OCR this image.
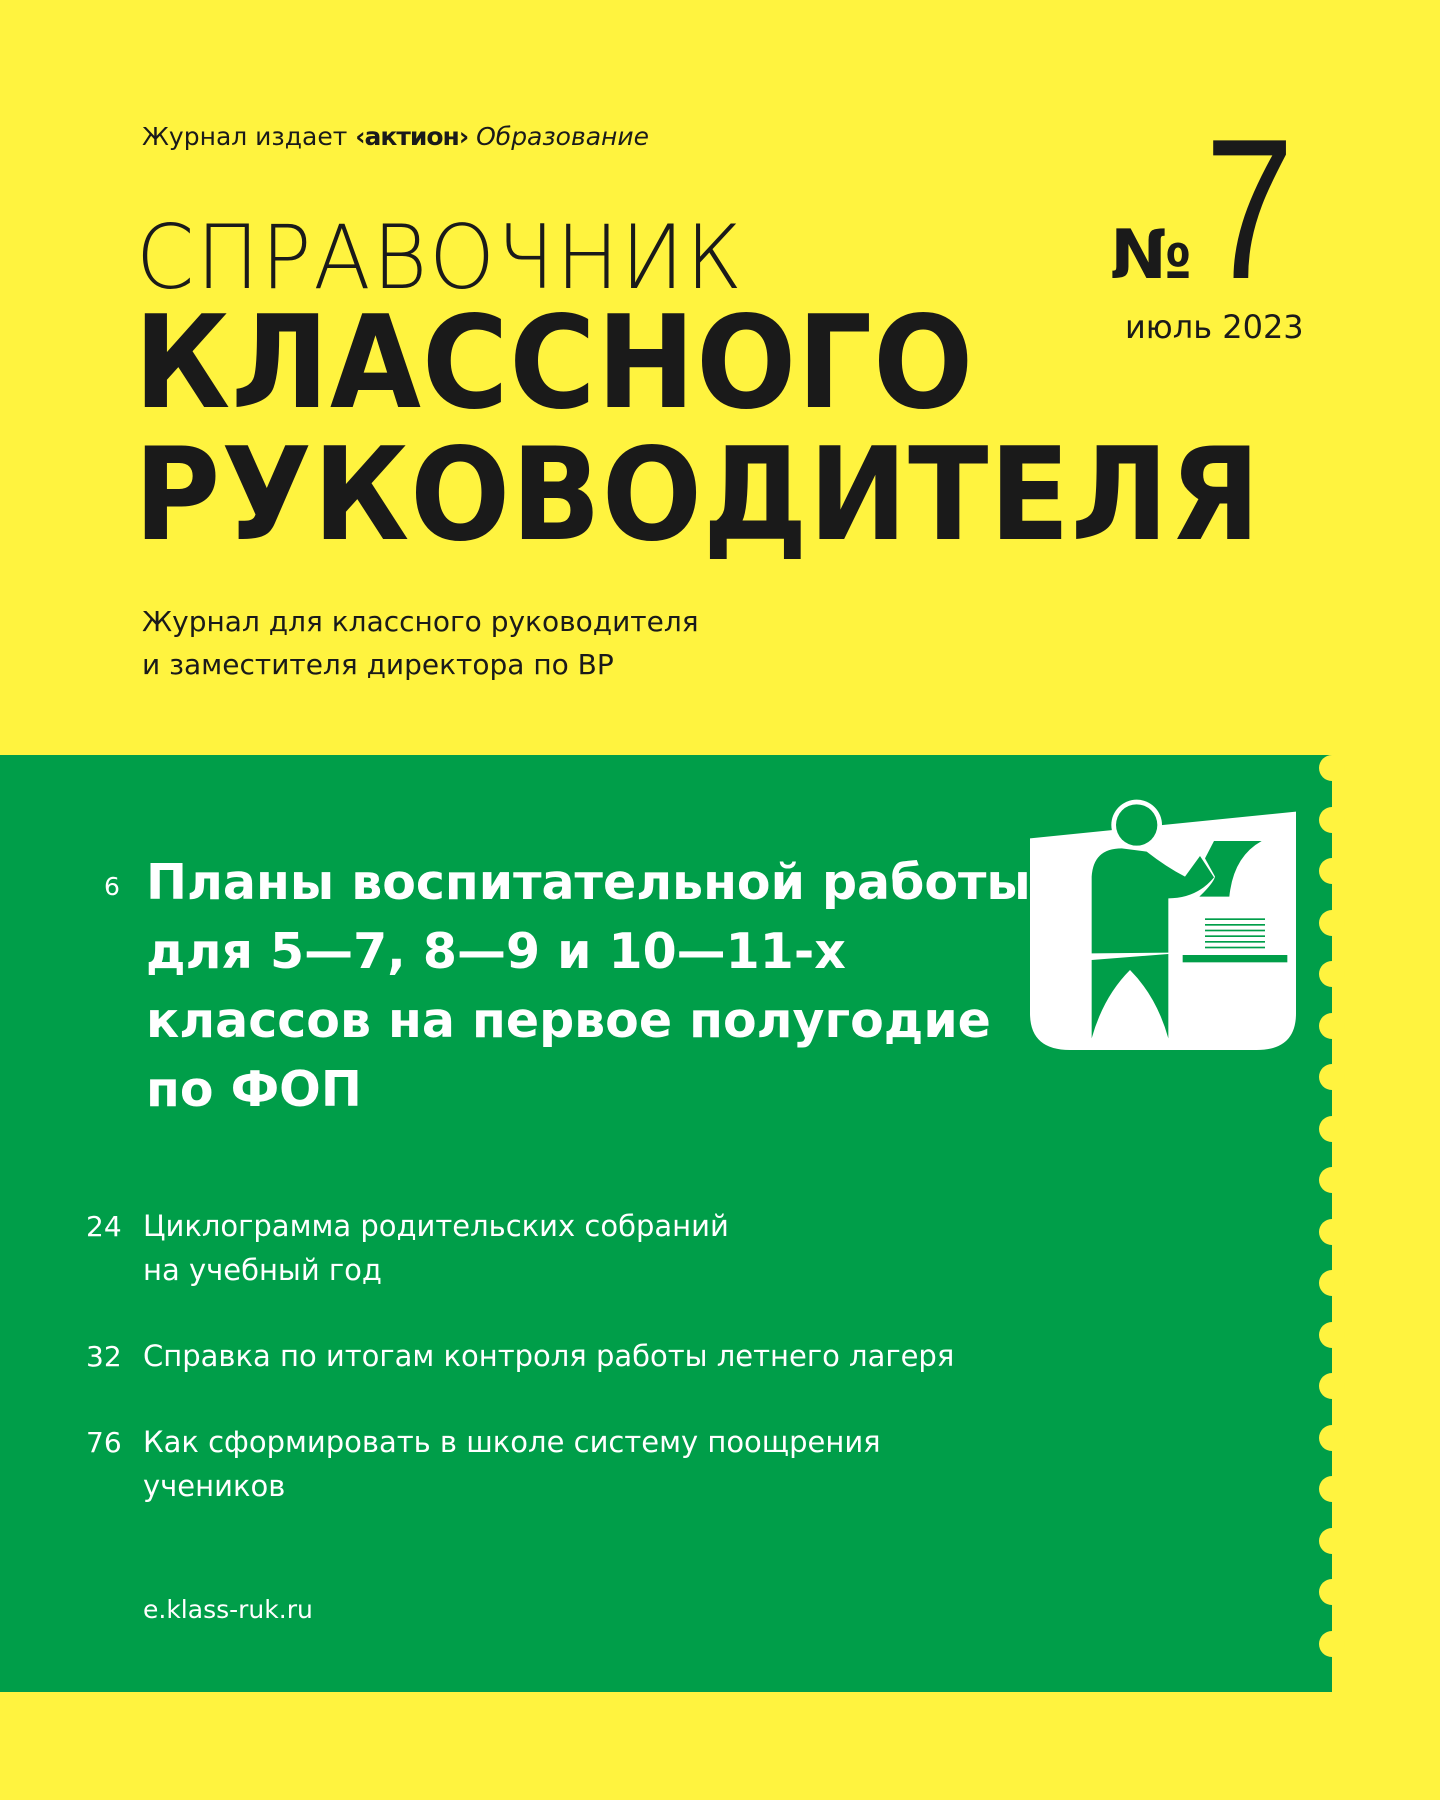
Журнал издает ‹актион› Образование
СПРАВОЧНИК
КЛАССНОГО
РУКОВОДИТЕЛЯ
№ 7
июль 2023
Журнал для классного руководителя
и заместителя директора по ВР
6 Планы воспитательной работы для 5—7, 8—9 и 10—11-х классов на первое полугодие по ФОП
24 Циклограмма родительских собраний
на учебный год
32 Справка по итогам контроля работы летнего лагеря
76 Как сформировать в школе систему поощрения
учеников
e.klass-ruk.ru
